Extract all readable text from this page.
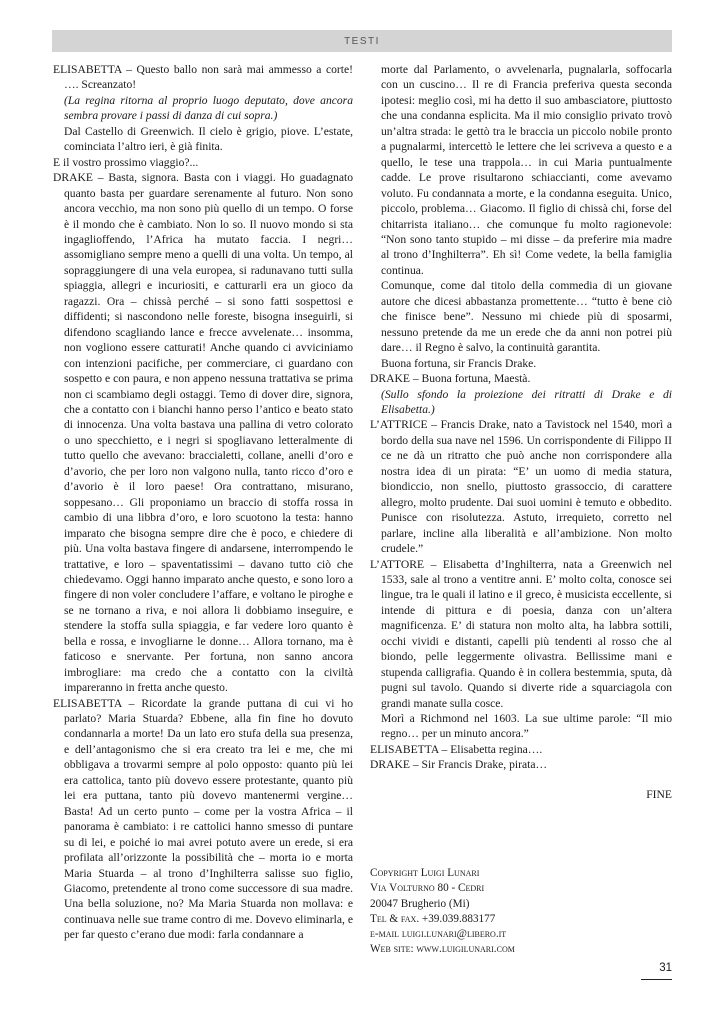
TESTI

ELISABETTA – Questo ballo non sarà mai ammesso a corte! …. Screanzato!

(La regina ritorna al proprio luogo deputato, dove ancora sembra provare i passi di danza di cui sopra.)

Dal Castello di Greenwich. Il cielo è grigio, piove. L’estate, cominciata l’altro ieri, è già finita.

E il vostro prossimo viaggio?...

DRAKE – Basta, signora. Basta con i viaggi. Ho guadagnato quanto basta per guardare serenamente al futuro. Non sono ancora vecchio, ma non sono più quello di un tempo. O forse è il mondo che è cambiato. Non lo so. Il nuovo mondo si sta ingaglioffendo, l’Africa ha mutato faccia. I negri… assomigliano sempre meno a quelli di una volta. Un tempo, al sopraggiungere di una vela europea, si radunavano tutti sulla spiaggia, allegri e incuriositi, e catturarli era un gioco da ragazzi. Ora – chissà perché – si sono fatti sospettosi e diffidenti; si nascondono nelle foreste, bisogna inseguirli, si difendono scagliando lance e frecce avvelenate… insomma, non vogliono essere catturati! Anche quando ci avviciniamo con intenzioni pacifiche, per commerciare, ci guardano con sospetto e con paura, e non appeno nessuna trattativa se prima non ci scambiamo degli ostaggi. Temo di dover dire, signora, che a contatto con i bianchi hanno perso l’antico e beato stato di innocenza. Una volta bastava una pallina di vetro colorato o uno specchietto, e i negri si spogliavano letteralmente di tutto quello che avevano: braccialetti, collane, anelli d’oro e d’avorio, che per loro non valgono nulla, tanto ricco d’oro e d’avorio è il loro paese! Ora contrattano, misurano, soppesano… Gli proponiamo un braccio di stoffa rossa in cambio di una libbra d’oro, e loro scuotono la testa: hanno imparato che bisogna sempre dire che è poco, e chiedere di più. Una volta bastava fingere di andarsene, interrompendo le trattative, e loro – spaventatissimi – davano tutto ciò che chiedevamo. Oggi hanno imparato anche questo, e sono loro a fingere di non voler concludere l’affare, e voltano le piroghe e se ne tornano a riva, e noi allora li dobbiamo inseguire, e stendere la stoffa sulla spiaggia, e far vedere loro quanto è bella e rossa, e invogliarne le donne… Allora tornano, ma è faticoso e snervante. Per fortuna, non sanno ancora imbrogliare: ma credo che a contatto con la civiltà impareranno in fretta anche questo.

ELISABETTA – Ricordate la grande puttana di cui vi ho parlato? Maria Stuarda? Ebbene, alla fin fine ho dovuto condannarla a morte! Da un lato ero stufa della sua presenza, e dell’antagonismo che si era creato tra lei e me, che mi obbligava a trovarmi sempre al polo opposto: quanto più lei era cattolica, tanto più dovevo essere protestante, quanto più lei era puttana, tanto più dovevo mantenermi vergine… Basta! Ad un certo punto – come per la vostra Africa – il panorama è cambiato: i re cattolici hanno smesso di puntare su di lei, e poiché io mai avrei potuto avere un erede, si era profilata all’orizzonte la possibilità che – morta io e morta Maria Stuarda – al trono d’Inghilterra salisse suo figlio, Giacomo, pretendente al trono come successore di sua madre. Una bella soluzione, no? Ma Maria Stuarda non mollava: e continuava nelle sue trame contro di me. Dovevo eliminarla, e per far questo c’erano due modi: farla condannare a

morte dal Parlamento, o avvelenarla, pugnalarla, soffocarla con un cuscino… Il re di Francia preferiva questa seconda ipotesi: meglio così, mi ha detto il suo ambasciatore, piuttosto che una condanna esplicita. Ma il mio consiglio privato trovò un’altra strada: le gettò tra le braccia un piccolo nobile pronto a pugnalarmi, intercettò le lettere che lei scriveva a questo e a quello, le tese una trappola… in cui Maria puntualmente cadde. Le prove risultarono schiaccianti, come avevamo voluto. Fu condannata a morte, e la condanna eseguita. Unico, piccolo, problema… Giacomo. Il figlio di chissà chi, forse del chitarrista italiano… che comunque fu molto ragionevole: “Non sono tanto stupido – mi disse – da preferire mia madre al trono d’Inghilterra”. Eh sì! Come vedete, la bella famiglia continua.

Comunque, come dal titolo della commedia di un giovane autore che dicesi abbastanza promettente… “tutto è bene ciò che finisce bene”. Nessuno mi chiede più di sposarmi, nessuno pretende da me un erede che da anni non potrei più dare… il Regno è salvo, la continuità garantita.

Buona fortuna, sir Francis Drake.

DRAKE – Buona fortuna, Maestà.

(Sullo sfondo la proiezione dei ritratti di Drake e di Elisabetta.)

L’ATTRICE – Francis Drake, nato a Tavistock nel 1540, morì a bordo della sua nave nel 1596. Un corrispondente di Filippo II ce ne dà un ritratto che può anche non corrispondere alla nostra idea di un pirata: “E’ un uomo di media statura, biondiccio, non snello, piuttosto grassoccio, di carattere allegro, molto prudente. Dai suoi uomini è temuto e obbedito. Punisce con risolutezza. Astuto, irrequieto, corretto nel parlare, incline alla liberalità e all’ambizione. Non molto crudele.”

L’ATTORE – Elisabetta d’Inghilterra, nata a Greenwich nel 1533, sale al trono a ventitre anni. E’ molto colta, conosce sei lingue, tra le quali il latino e il greco, è musicista eccellente, si intende di pittura e di poesia, danza con un’altera magnificenza. E’ di statura non molto alta, ha labbra sottili, occhi vividi e distanti, capelli più tendenti al rosso che al biondo, pelle leggermente olivastra. Bellissime mani e stupenda calligrafia. Quando è in collera bestemmia, sputa, dà pugni sul tavolo. Quando si diverte ride a squarciagola con grandi manate sulla cosce.

Morì a Richmond nel 1603. La sue ultime parole: “Il mio regno… per un minuto ancora.”

ELISABETTA – Elisabetta regina….

DRAKE – Sir Francis Drake, pirata…

FINE

Copyright Luigi Lunari
Via Volturno 80 - Cedri
20047 Brugherio (Mi)
Tel & fax. +39.039.883177
e-mail luigi.lunari@libero.it
Web site: www.luigilunari.com
31
